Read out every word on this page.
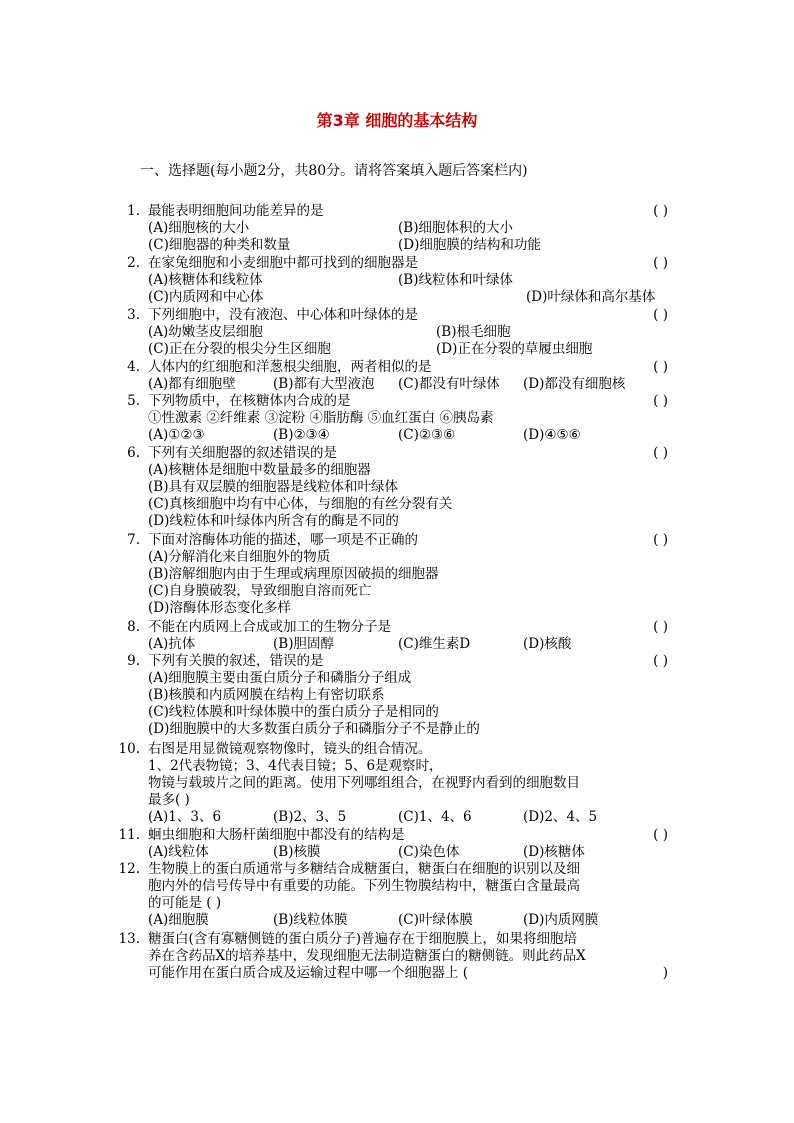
第3章 细胞的基本结构
一、选择题(每小题2分，共80分。请将答案填入题后答案栏内)
1. 最能表明细胞间功能差异的是	( )
(A)细胞核的大小	(B)细胞体积的大小
(C)细胞器的种类和数量	(D)细胞膜的结构和功能
2. 在家兔细胞和小麦细胞中都可找到的细胞器是	( )
(A)核糖体和线粒体	(B)线粒体和叶绿体
(C)内质网和中心体	(D)叶绿体和高尔基体
3. 下列细胞中，没有液泡、中心体和叶绿体的是	( )
(A)幼嫩茎皮层细胞	(B)根毛细胞
(C)正在分裂的根尖分生区细胞	(D)正在分裂的草履虫细胞
4. 人体内的红细胞和洋葱根尖细胞，两者相似的是	( )
(A)都有细胞壁	(B)都有大型液泡 (C)都没有叶绿体 (D)都没有细胞核
5. 下列物质中，在核糖体内合成的是	( )
①性激素 ②纤维素 ③淀粉 ④脂肪酶 ⑤血红蛋白 ⑥胰岛素
(A)①②③	(B)②③④	(C)②③⑥	(D)④⑤⑥
6. 下列有关细胞器的叙述错误的是	( )
(A)核糖体是细胞中数量最多的细胞器
(B)具有双层膜的细胞器是线粒体和叶绿体
(C)真核细胞中均有中心体，与细胞的有丝分裂有关
(D)线粒体和叶绿体内所含有的酶是不同的
7. 下面对溶酶体功能的描述，哪一项是不正确的	( )
(A)分解消化来自细胞外的物质
(B)溶解细胞内由于生理或病理原因破损的细胞器
(C)自身膜破裂，导致细胞自溶而死亡
(D)溶酶体形态变化多样
8. 不能在内质网上合成或加工的生物分子是	( )
(A)抗体	(B)胆固醇	(C)维生素D	(D)核酸
9. 下列有关膜的叙述，错误的是	( )
(A)细胞膜主要由蛋白质分子和磷脂分子组成
(B)核膜和内质网膜在结构上有密切联系
(C)线粒体膜和叶绿体膜中的蛋白质分子是相同的
(D)细胞膜中的大多数蛋白质分子和磷脂分子不是静止的
10. 右图是用显微镜观察物像时，镜头的组合情况。
1、2代表物镜；3、4代表目镜；5、6是观察时，
物镜与载玻片之间的距离。使用下列哪组组合，在视野内看到的细胞数目
最多( )
(A)1、3、6	(B)2、3、5	(C)1、4、6	(D)2、4、5
11. 蛔虫细胞和大肠杆菌细胞中都没有的结构是	( )
(A)线粒体	(B)核膜	(C)染色体	(D)核糖体
12. 生物膜上的蛋白质通常与多糖结合成糖蛋白，糖蛋白在细胞的识别以及细
胞内外的信号传导中有重要的功能。下列生物膜结构中，糖蛋白含量最高
的可能是 ( )
(A)细胞膜	(B)线粒体膜	(C)叶绿体膜	(D)内质网膜
13. 糖蛋白(含有寡糖侧链的蛋白质分子)普遍存在于细胞膜上，如果将细胞培
养在含药品X的培养基中，发现细胞无法制造糖蛋白的糖侧链。则此药品X
可能作用在蛋白质合成及运输过程中哪一个细胞器上 (	)
